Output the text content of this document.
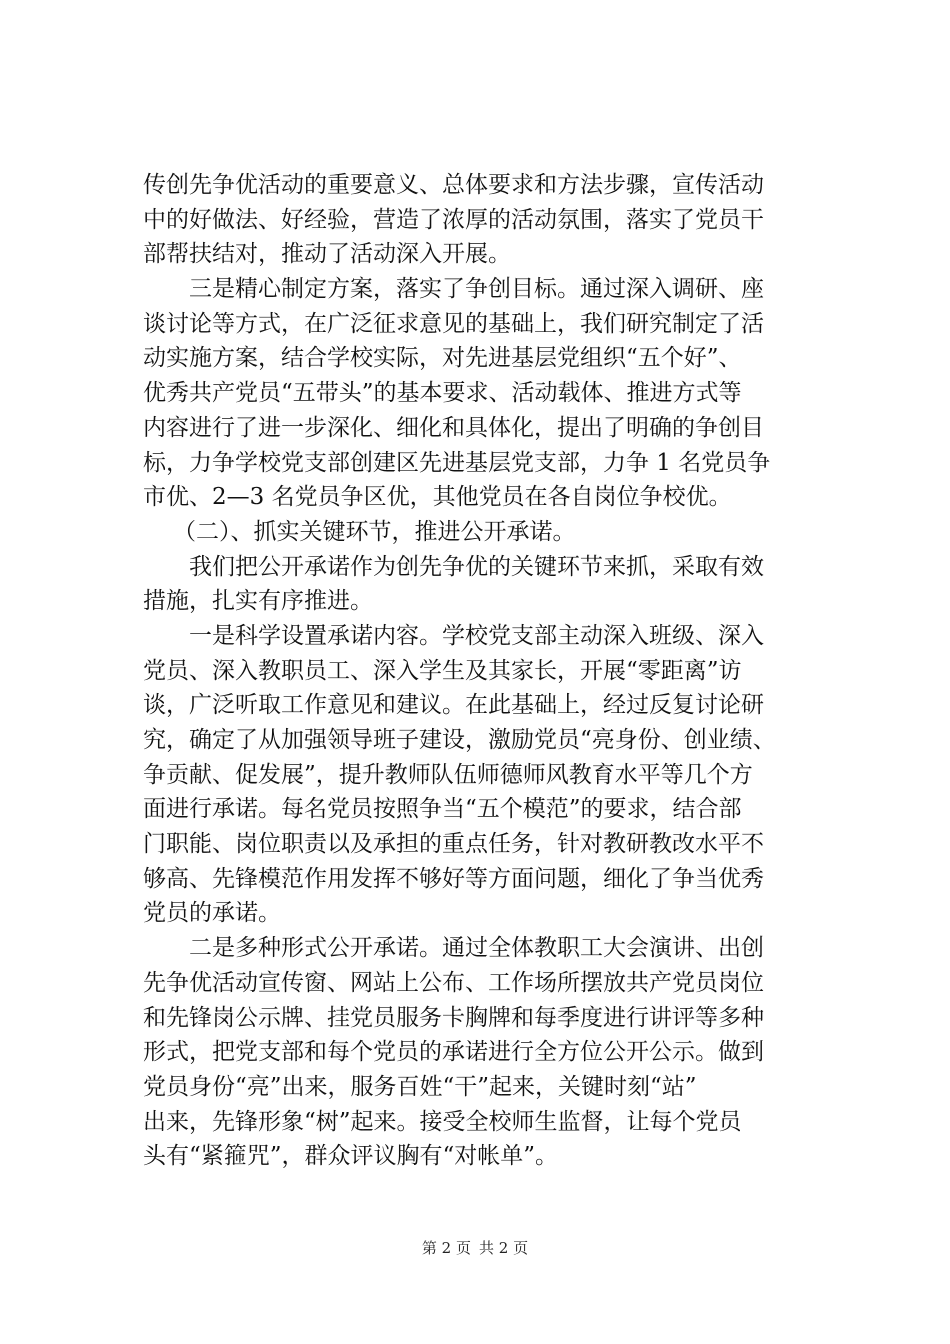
传创先争优活动的重要意义、总体要求和方法步骤，宣传活动
中的好做法、好经验，营造了浓厚的活动氛围，落实了党员干
部帮扶结对，推动了活动深入开展。
三是精心制定方案，落实了争创目标。通过深入调研、座
谈讨论等方式，在广泛征求意见的基础上，我们研究制定了活
动实施方案，结合学校实际，对先进基层党组织“五个好”、
优秀共产党员“五带头”的基本要求、活动载体、推进方式等
内容进行了进一步深化、细化和具体化，提出了明确的争创目
标，力争学校党支部创建区先进基层党支部，力争 1 名党员争
市优、2—3 名党员争区优，其他党员在各自岗位争校优。
（二）、抓实关键环节，推进公开承诺。
我们把公开承诺作为创先争优的关键环节来抓，采取有效
措施，扎实有序推进。
一是科学设置承诺内容。学校党支部主动深入班级、深入
党员、深入教职员工、深入学生及其家长，开展“零距离”访
谈，广泛听取工作意见和建议。在此基础上，经过反复讨论研
究，确定了从加强领导班子建设，激励党员“亮身份、创业绩、
争贡献、促发展”，提升教师队伍师德师风教育水平等几个方
面进行承诺。每名党员按照争当“五个模范”的要求，结合部
门职能、岗位职责以及承担的重点任务，针对教研教改水平不
够高、先锋模范作用发挥不够好等方面问题，细化了争当优秀
党员的承诺。
二是多种形式公开承诺。通过全体教职工大会演讲、出创
先争优活动宣传窗、网站上公布、工作场所摆放共产党员岗位
和先锋岗公示牌、挂党员服务卡胸牌和每季度进行讲评等多种
形式，把党支部和每个党员的承诺进行全方位公开公示。做到
党员身份“亮”出来，服务百姓“干”起来，关键时刻“站”
出来，先锋形象“树”起来。接受全校师生监督，让每个党员
头有“紧箍咒”，群众评议胸有“对帐单”。
第 2 页 共 2 页
